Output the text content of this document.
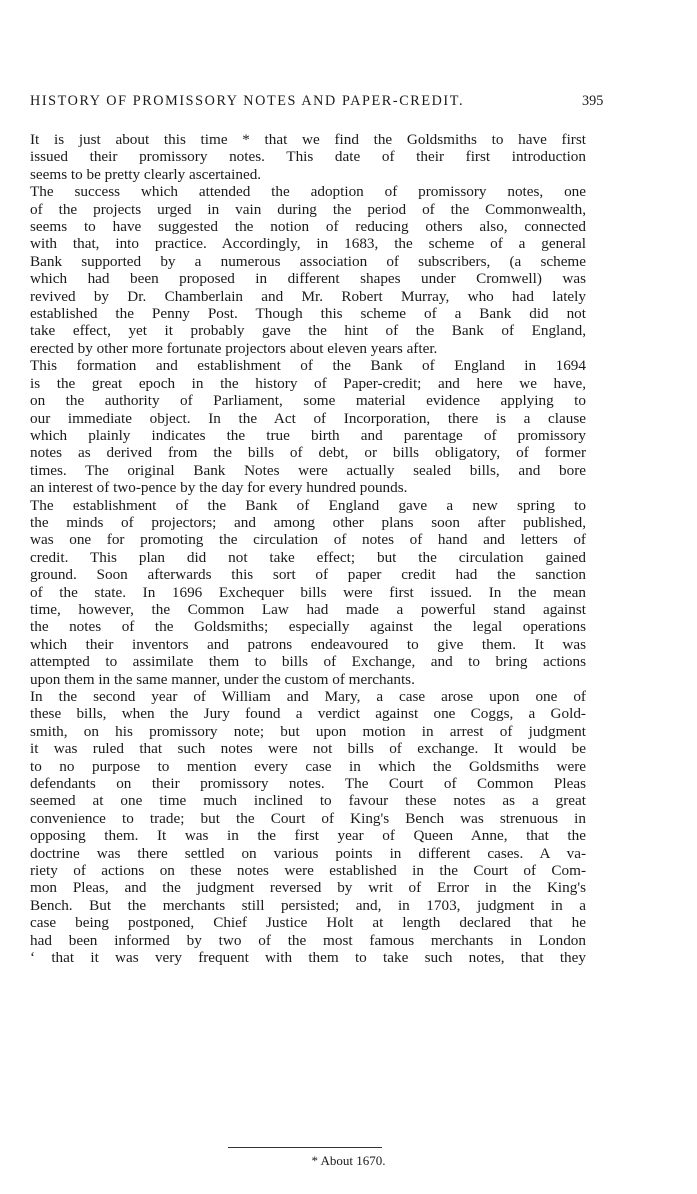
HISTORY OF PROMISSORY NOTES AND PAPER-CREDIT.	395
It is just about this time * that we find the Goldsmiths to have first
issued their promissory notes. This date of their first introduction
seems to be pretty clearly ascertained.
The success which attended the adoption of promissory notes, one
of the projects urged in vain during the period of the Commonwealth,
seems to have suggested the notion of reducing others also, connected
with that, into practice. Accordingly, in 1683, the scheme of a general
Bank supported by a numerous association of subscribers, (a scheme
which had been proposed in different shapes under Cromwell) was
revived by Dr. Chamberlain and Mr. Robert Murray, who had lately
established the Penny Post. Though this scheme of a Bank did not
take effect, yet it probably gave the hint of the Bank of England,
erected by other more fortunate projectors about eleven years after.
This formation and establishment of the Bank of England in 1694
is the great epoch in the history of Paper-credit; and here we have,
on the authority of Parliament, some material evidence applying to
our immediate object. In the Act of Incorporation, there is a clause
which plainly indicates the true birth and parentage of promissory
notes as derived from the bills of debt, or bills obligatory, of former
times. The original Bank Notes were actually sealed bills, and bore
an interest of two-pence by the day for every hundred pounds.
The establishment of the Bank of England gave a new spring to
the minds of projectors; and among other plans soon after published,
was one for promoting the circulation of notes of hand and letters of
credit. This plan did not take effect; but the circulation gained
ground. Soon afterwards this sort of paper credit had the sanction
of the state. In 1696 Exchequer bills were first issued. In the mean
time, however, the Common Law had made a powerful stand against
the notes of the Goldsmiths; especially against the legal operations
which their inventors and patrons endeavoured to give them. It was
attempted to assimilate them to bills of Exchange, and to bring actions
upon them in the same manner, under the custom of merchants.
In the second year of William and Mary, a case arose upon one of
these bills, when the Jury found a verdict against one Coggs, a Gold-
smith, on his promissory note; but upon motion in arrest of judgment
it was ruled that such notes were not bills of exchange. It would be
to no purpose to mention every case in which the Goldsmiths were
defendants on their promissory notes. The Court of Common Pleas
seemed at one time much inclined to favour these notes as a great
convenience to trade; but the Court of King's Bench was strenuous in
opposing them. It was in the first year of Queen Anne, that the
doctrine was there settled on various points in different cases. A va-
riety of actions on these notes were established in the Court of Com-
mon Pleas, and the judgment reversed by writ of Error in the King's
Bench. But the merchants still persisted; and, in 1703, judgment in a
case being postponed, Chief Justice Holt at length declared that he
had been informed by two of the most famous merchants in London
‘ that it was very frequent with them to take such notes, that they
* About 1670.
